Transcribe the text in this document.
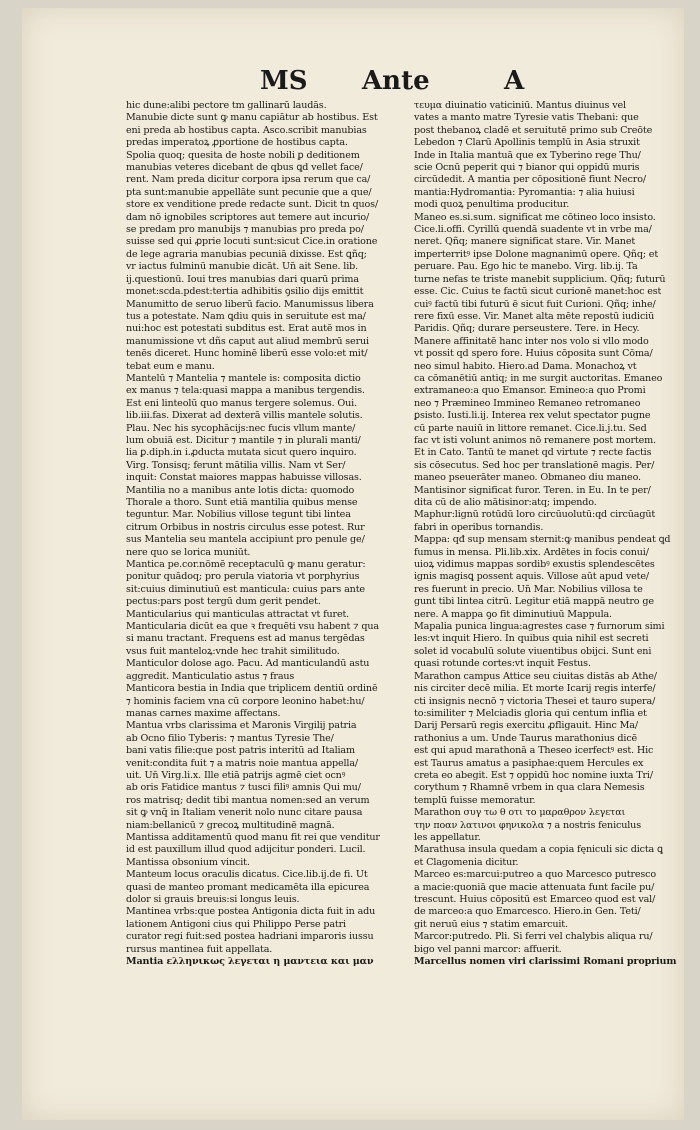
MS Ante	A
hic dune:alibi pectore tm gallinarū laudās.
Manubie dicte sunt ꝙ manu capiātur ab hostibus. Est
eni preda ab hostibus capta. Asco.scribit manubias
predas imperatoꝝ ꝓportione de hostibus capta.
Spolia quoq; quesita de hoste nobili ꝑ deditionem
manubias veteres dicebant de qbus ꝗd vellet face/
rent. Nam preda dicitur corpora ipsa rerum que ca/
pta sunt:manubie appellāte sunt pecunie que a que/
store ex venditione prede redacte sunt. Dicit tn quos/
dam nō ignobiles scriptores aut temere aut incurio/
se predam pro manubijs ⁊ manubias pro preda po/
suisse sed qui ꝓprie locuti sunt:sicut Cice.in oratione
de lege agraria manubias pecuniā dixisse. Est ꝗñq;
vr iactus fulminū manubie dicāt. Un̄ ait Sene. lib.
ij.questionū. Ioui tres manubias dari quarū prima
monet:scda.pdest:tertia adhibitis ꝯsilio dijs emittit
Manumitto de seruo liberū facio. Manumissus libera
tus a potestate. Nam ꝗdiu quis in seruitute est ma/
nui:hoc est potestati subditus est. Erat autē mos in
manumissione vt dñs caput aut aliud membrū serui
tenēs diceret. Hunc hominē liberū esse volo:et mit/
tebat eum e manu.
Mantelū ⁊ Mantelia ⁊ mantele is: composita dictio
ex manus ⁊ tela:quasi mappa a manibus tergendis.
Est eni linteolū quo manus tergere solemus. Oui.
lib.iii.fas. Dixerat ad dexterā villis mantele solutis.
Plau. Nec his sycophācijs:nec fucis vllum mante/
lum obuiā est. Dicitur ⁊ mantile ⁊ in plurali manti/
lia ꝑ.diph.in i.ꝓducta mutata sicut quero inquiro.
Virg. Tonsisq; ferunt mātilia villis. Nam vt Ser/
inquit: Constat maiores mappas habuisse villosas.
Mantilia no a manibus ante lotis dicta: quomodo
Thorale a thoro. Sunt etiā mantilia quibus mense
teguntur. Mar. Nobilius villose tegunt tibi lintea
citrum Orbibus in nostris circulus esse potest. Rur
sus Mantelia seu mantela accipiunt pro penule ge/
nere quo se lorica muniūt.
Mantica pe.cor.nōmē receptaculū ꝙ manu geratur:
ponitur quādoq; pro perula viatoria vt porphyrius
sit:cuius diminutiuū est manticula: cuius pars ante
pectus:pars post tergū dum gerit pendet.
Manticularius qui manticulas attractat vt furet.
Manticularia dicūt ea que ꝛ frequēti vsu habent ⁊ qua
si manu tractant. Frequens est ad manus tergēdas
vsus fuit manteloꝝ:vnde hec trahit similitudo.
Manticulor dolose ago. Pacu. Ad manticulandū astu
aggredit. Manticulatio astus ⁊ fraus
Manticora bestia in India que triplicem dentiū ordinē
⁊ hominis faciem vna cū corpore leonino habet:hu/
manas carnes maxime affectans.
Mantua vrbs clarissima et Maronis Virgilij patria
ab Ocno filio Tyberis: ⁊ mantus Tyresie The/
bani vatis filie:que post patris interitū ad Italiam
venit:condita fuit ⁊ a matris noie mantua appella/
uit. Un̄ Virg.li.x. Ille etiā patrijs agmē ciet ocnꝰ
ab oris Fatidice mantus ⁊ tusci filiꝰ amnis Qui mu/
ros matrisq; dedit tibi mantua nomen:sed an verum
sit ꝙ vnq̄ in Italiam venerit nolo nunc citare pausa
niam:bellanicū ⁊ grecoꝝ multitudinē magnā.
Mantissa additamentū quod manu fit rei que venditur
id est pauxillum illud quod adijcitur ponderi. Lucil.
Mantissa obsonium vincit.
Manteum locus oraculis dicatus. Cice.lib.ij.de fi. Ut
quasi de manteo promant medicamēta illa epicurea
dolor si grauis breuis:si longus leuis.
Mantinea vrbs:que postea Antigonia dicta fuit in adu
lationem Antigoni cius qui Philippo Perse patri
curator regi fuit:sed postea hadriani imparoris iussu
rursus mantinea fuit appellata.
Mantia ελληνικως λεγεται η μαντεια και μαν
τευμα diuinatio vaticiniū. Mantus diuinus vel
vates a manto matre Tyresie vatis Thebani: que
post thebanoꝝ cladē et seruitutē primo sub Creōte
Lebedon ⁊ Clarū Apollinis templū in Asia struxit
Inde in Italia mantuā que ex Tyberino rege Thu/
scie Ocnū peperit qui ⁊ bianor qui oppidū muris
circūdedit. A mantia per cōpositionē fiunt Necro/
mantia:Hydromantia: Pyromantia: ⁊ alia huiusi
modi quoꝝ penultima producitur.
Maneo es.si.sum. significat me cōtineo loco insisto.
Cice.li.offi. Cyrillū quendā suadente vt in vrbe ma/
neret. Qñq; manere significat stare. Vir. Manet
imperterritꝰ ipse Dolone magnanimū opere. Qñq; et
peruare. Pau. Ego hic te manebo. Virg. lib.ij. Ta
turne nefas te triste manebit supplicium. Qñq; futurū
esse. Cic. Cuius te factū sicut curionē manet:hoc est
cuiꝰ factū tibi futurū ē sicut fuit Curioni. Qñq; inhe/
rere fixū esse. Vir. Manet alta mēte repostū iudiciū
Paridis. Qñq; durare perseustere. Tere. in Hecy.
Manere affinitatē hanc inter nos volo si vllo modo
vt possit qd spero fore. Huius cōposita sunt Cōma/
neo simul habito. Hiero.ad Dama. Monachoꝝ vt
ca cōmanētiū antiq; in me surgit auctoritas. Emaneo
extramaneo:a quo Emansor. Emineo:a quo Promi
neo ⁊ Præmineo Immineo Remaneo retromaneo
ꝑsisto. Iusti.li.ij. Interea rex velut spectator pugne
cū parte nauiū in littore remanet. Cice.li.j.tu. Sed
fac vt isti volunt animos nō remanere post mortem.
Et in Cato. Tantū te manet qd virtute ⁊ recte factis
sis cōsecutus. Sed hoc per translationē magis. Per/
maneo pseuerāter maneo. Obmaneo diu maneo.
Mantisinor significat furor. Teren. in Eu. In te per/
dita cū de alio mātisinor:atq; impendo.
Maphur:lignū rotūdū loro circūuolutū:qd circūagūt
fabri in operibus tornandis.
Mappa: qđ sup mensam sternit:ꝙ manibus pendeat ꝗd
fumus in mensa. Pli.lib.xix. Ardētes in focis conui/
uioꝝ vidimus mappas sordibꝰ exustis splendescētes
ignis magisꝗ possent aquis. Villose aūt apud vete/
res fuerunt in precio. Un̄ Mar. Nobilius villosa te
gunt tibi lintea citrū. Legitur etiā mappā neutro ge
nere. A mappa ꝯo fit diminutiuū Mappula.
Mapalia punica lingua:agrestes case ⁊ furnorum simi
les:vt inquit Hiero. In quibus quia nihil est secreti
solet id vocabulū solute viuentibus obijci. Sunt eni
quasi rotunde cortes:vt inquit Festus.
Marathon campus Attice seu ciuitas distās ab Athe/
nis circiter decē milia. Et morte Icarij regis interfe/
cti insignis necnō ⁊ victoria Thesei et tauro supera/
to:similiter ⁊ Melciadis gloria qui centum inflia et
Darij Persarū regis exercitu ꝓfligauit. Hinc Ma/
rathonius a um. Unde Taurus marathonius dicē
est qui apud marathonā a Theseo icerfectꝰ est. Hic
est Taurus amatus a pasiphae:quem Hercules ex
creta eo abegit. Est ⁊ oppidū hoc nomine iuxta Tri/
corythum ⁊ Rhamnē vrbem in qua clara Nemesis
templū fuisse memoratur.
Marathon συγ τω θ οτι το μαραθρον λεγεται
την ποαν λατινοι φηνικολα ⁊ a nostris feniculus
les appellatur.
Marathusa insula quedam a copia fęniculi sic dicta ꝗ
et Clagomenia dicitur.
Marceo es:marcui:putreo a quo Marcesco putresco
a macie:quoniā que macie attenuata funt facile pu/
trescunt. Huius cōpositū est Emarceo quod est val/
de marceo:a quo Emarcesco. Hiero.in Gen. Teti/
git neruū eius ⁊ statim emarcuit.
Marcor:putredo. Pli. Si ferri vel chalybis aliqua ru/
bigo vel panni marcor: affuerit.
Marcellus nomen viri clarissimi Romani proprium
